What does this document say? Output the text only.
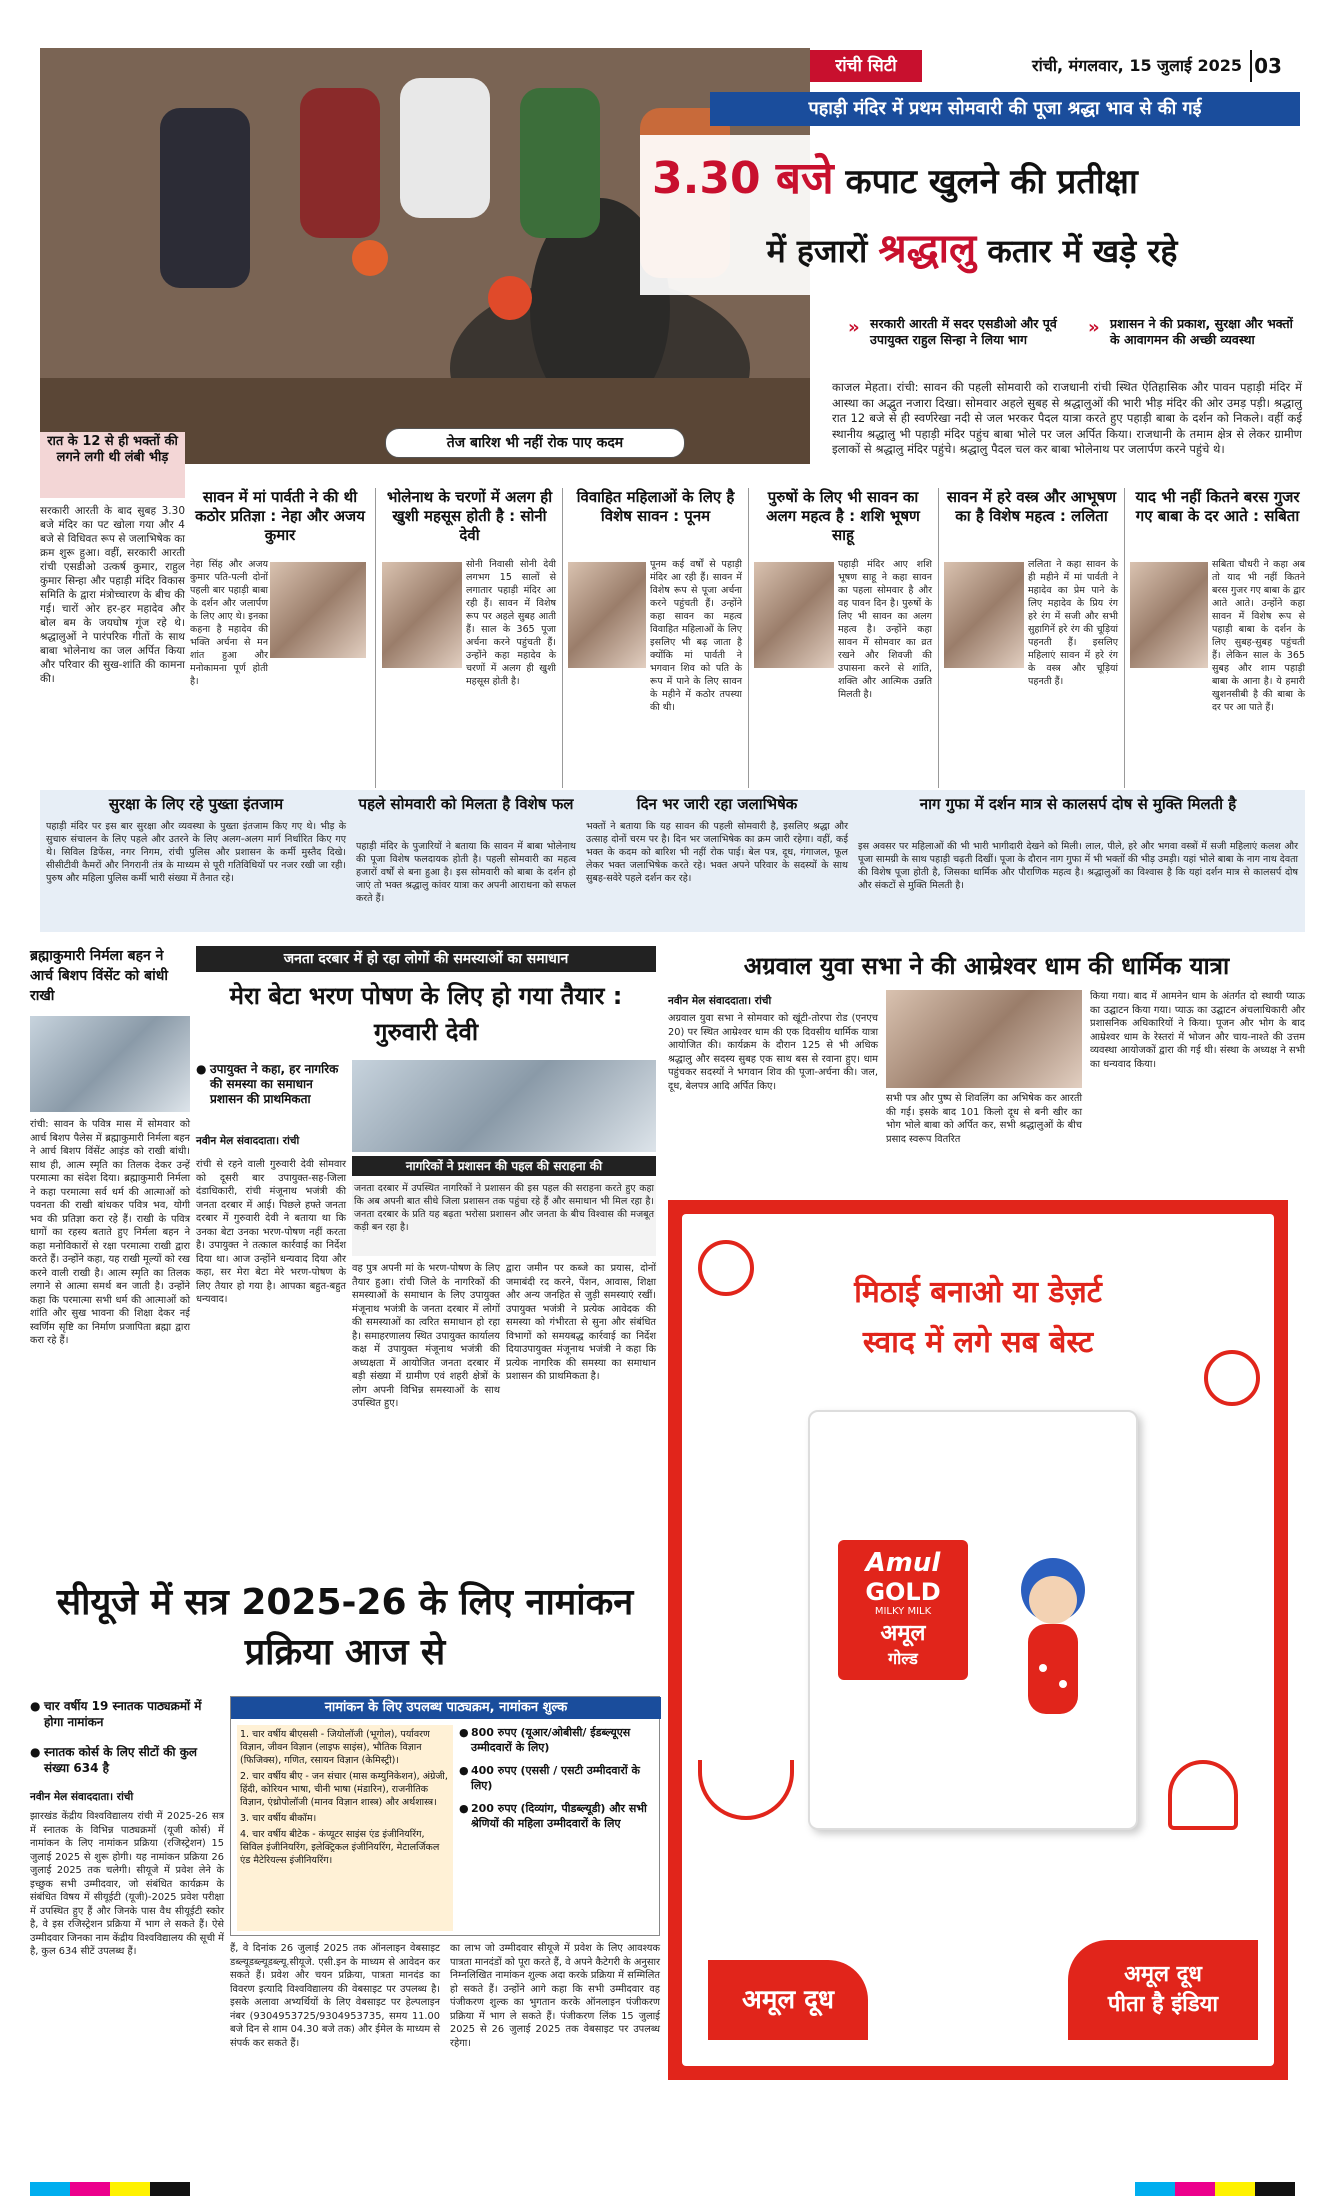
रांची सिटी	रांची, मंगलवार, 15 जुलाई 2025 03
पहाड़ी मंदिर में प्रथम सोमवारी की पूजा श्रद्धा भाव से की गई
3.30 बजे कपाट खुलने की प्रतीक्षा
में हजारों श्रद्धालु कतार में खड़े रहे
» सरकारी आरती में सदर एसडीओ और पूर्व उपायुक्त राहुल सिन्हा ने लिया भाग
» प्रशासन ने की प्रकाश, सुरक्षा और भक्तों के आवागमन की अच्छी व्यवस्था
तेज बारिश भी नहीं रोक पाए कदम
काजल मेहता। रांची: सावन की पहली सोमवारी को राजधानी रांची स्थित ऐतिहासिक और पावन पहाड़ी मंदिर में आस्था का अद्भुत नजारा दिखा। सोमवार अहले सुबह से श्रद्धालुओं की भारी भीड़ मंदिर की ओर उमड़ पड़ी। श्रद्धालु रात 12 बजे से ही स्वर्णरेखा नदी से जल भरकर पैदल यात्रा करते हुए पहाड़ी बाबा के दर्शन को निकले। वहीं कई स्थानीय श्रद्धालु भी पहाड़ी मंदिर पहुंच बाबा भोले पर जल अर्पित किया। राजधानी के तमाम क्षेत्र से लेकर ग्रामीण इलाकों से श्रद्धालु मंदिर पहुंचे। श्रद्धालु पैदल चल कर बाबा भोलेनाथ पर जलार्पण करने पहुंचे थे।
रात के 12 से ही भक्तों की लगने लगी थी लंबी भीड़
सरकारी आरती के बाद सुबह 3.30 बजे मंदिर का पट खोला गया और 4 बजे से विधिवत रूप से जलाभिषेक का क्रम शुरू हुआ। वहीं, सरकारी आरती रांची एसडीओ उत्कर्ष कुमार, राहुल कुमार सिन्हा और पहाड़ी मंदिर विकास समिति के द्वारा मंत्रोच्चारण के बीच की गई। चारों ओर हर-हर महादेव और बोल बम के जयघोष गूंज रहे थे। श्रद्धालुओं ने पारंपरिक गीतों के साथ बाबा भोलेनाथ का जल अर्पित किया और परिवार की सुख-शांति की कामना की।
सावन में मां पार्वती ने की थी कठोर प्रतिज्ञा : नेहा और अजय कुमार
नेहा सिंह और अजय कुमार पति-पत्नी दोनों पहली बार पहाड़ी बाबा के दर्शन और जलार्पण के लिए आए थे। इनका कहना है महादेव की भक्ति अर्चना से मन शांत हुआ और मनोकामना पूर्ण होती है।
भोलेनाथ के चरणों में अलग ही खुशी महसूस होती है : सोनी देवी
सोनी निवासी सोनी देवी लगभग 15 सालों से लगातार पहाड़ी मंदिर आ रही हैं। सावन में विशेष रूप पर अहले सुबह आती हैं। साल के 365 पूजा अर्चना करने पहुंचती हैं। उन्होंने कहा महादेव के चरणों में अलग ही खुशी महसूस होती है।
विवाहित महिलाओं के लिए है विशेष सावन : पूनम
पूनम कई वर्षों से पहाड़ी मंदिर आ रही हैं। सावन में विशेष रूप से पूजा अर्चना करने पहुंचती हैं। उन्होंने कहा सावन का महत्व विवाहित महिलाओं के लिए इसलिए भी बढ़ जाता है क्योंकि मां पार्वती ने भगवान शिव को पति के रूप में पाने के लिए सावन के महीने में कठोर तपस्या की थी।
पुरुषों के लिए भी सावन का अलग महत्व है : शशि भूषण साहू
पहाड़ी मंदिर आए शशि भूषण साहू ने कहा सावन का पहला सोमवार है और वह पावन दिन है। पुरुषों के लिए भी सावन का अलग महत्व है। उन्होंने कहा सावन में सोमवार का व्रत रखने और शिवजी की उपासना करने से शांति, शक्ति और आत्मिक उन्नति मिलती है।
सावन में हरे वस्त्र और आभूषण का है विशेष महत्व : ललिता
ललिता ने कहा सावन के ही महीने में मां पार्वती ने महादेव का प्रेम पाने के लिए महादेव के प्रिय रंग हरे रंग में सजी और सभी सुहागिनें हरे रंग की चूड़ियां पहनती हैं। इसलिए महिलाएं सावन में हरे रंग के वस्त्र और चूड़ियां पहनती हैं।
याद भी नहीं कितने बरस गुजर गए बाबा के दर आते : सबिता
सबिता चौधरी ने कहा अब तो याद भी नहीं कितने बरस गुजर गए बाबा के द्वार आते आते। उन्होंने कहा सावन में विशेष रूप से पहाड़ी बाबा के दर्शन के लिए सुबह-सुबह पहुंचती हैं। लेकिन साल के 365 सुबह और शाम पहाड़ी बाबा के आना है। ये हमारी खुशनसीबी है की बाबा के दर पर आ पाते हैं।
सुरक्षा के लिए रहे पुख्ता इंतजाम
पहाड़ी मंदिर पर इस बार सुरक्षा और व्यवस्था के पुख्ता इंतजाम किए गए थे। भीड़ के सुचारु संचालन के लिए पहले और उतरने के लिए अलग-अलग मार्ग निर्धारित किए गए थे। सिविल डिफेंस, नगर निगम, रांची पुलिस और प्रशासन के कर्मी मुस्तैद दिखे। सीसीटीवी कैमरों और निगरानी तंत्र के माध्यम से पूरी गतिविधियों पर नजर रखी जा रही। पुरुष और महिला पुलिस कर्मी भारी संख्या में तैनात रहे।
पहले सोमवारी को मिलता है विशेष फल
पहाड़ी मंदिर के पुजारियों ने बताया कि सावन में बाबा भोलेनाथ की पूजा विशेष फलदायक होती है। पहली सोमवारी का महत्व हजारों वर्षों से बना हुआ है। इस सोमवारी को बाबा के दर्शन हो जाएं तो भक्त श्रद्धालु कांवर यात्रा कर अपनी आराधना को सफल करते हैं।
दिन भर जारी रहा जलाभिषेक
भक्तों ने बताया कि यह सावन की पहली सोमवारी है, इसलिए श्रद्धा और उत्साह दोनों चरम पर है। दिन भर जलाभिषेक का क्रम जारी रहेगा। वहीं, कई भक्त के कदम को बारिश भी नहीं रोक पाई। बेल पत्र, दूध, गंगाजल, फूल लेकर भक्त जलाभिषेक करते रहे। भक्त अपने परिवार के सदस्यों के साथ सुबह-सवेरे पहले दर्शन कर रहे।
नाग गुफा में दर्शन मात्र से कालसर्प दोष से मुक्ति मिलती है
इस अवसर पर महिलाओं की भी भारी भागीदारी देखने को मिली। लाल, पीले, हरे और भगवा वस्त्रों में सजी महिलाएं कलश और पूजा सामग्री के साथ पहाड़ी चढ़ती दिखीं। पूजा के दौरान नाग गुफा में भी भक्तों की भीड़ उमड़ी। यहां भोले बाबा के नाग नाथ देवता की विशेष पूजा होती है, जिसका धार्मिक और पौराणिक महत्व है। श्रद्धालुओं का विश्वास है कि यहां दर्शन मात्र से कालसर्प दोष और संकटों से मुक्ति मिलती है।
ब्रह्माकुमारी निर्मला बहन ने आर्च बिशप विंसेंट को बांधी राखी
रांची: सावन के पवित्र मास में सोमवार को आर्च बिशप पैलेस में ब्रह्माकुमारी निर्मला बहन ने आर्च बिशप विंसेंट आइंड को राखी बांधी। साथ ही, आत्म स्मृति का तिलक देकर उन्हें परमात्मा का संदेश दिया। ब्रह्माकुमारी निर्मला ने कहा परमात्मा सर्व धर्म की आत्माओं को पवनता की राखी बांधकर पवित्र भव, योगी भव की प्रतिज्ञा करा रहे हैं। राखी के पवित्र धागों का रहस्य बताते हुए निर्मला बहन ने कहा मनोविकारों से रक्षा परमात्मा राखी द्वारा करते हैं। उन्होंने कहा, यह राखी मूल्यों को रख करने वाली राखी है। आत्म स्मृति का तिलक लगाने से आत्मा समर्थ बन जाती है। उन्होंने कहा कि परमात्मा सभी धर्म की आत्माओं को शांति और सुख भावना की शिक्षा देकर नई स्वर्णिम सृष्टि का निर्माण प्रजापिता ब्रह्मा द्वारा करा रहे हैं।
जनता दरबार में हो रहा लोगों की समस्याओं का समाधान
मेरा बेटा भरण पोषण के लिए हो गया तैयार : गुरुवारी देवी
● उपायुक्त ने कहा, हर नागरिक की समस्या का समाधान प्रशासन की प्राथमिकता
नवीन मेल संवाददाता। रांची
नागरिकों ने प्रशासन की पहल की सराहना की
जनता दरबार में उपस्थित नागरिकों ने प्रशासन की इस पहल की सराहना करते हुए कहा कि अब अपनी बात सीधे जिला प्रशासन तक पहुंचा रहे हैं और समाधान भी मिल रहा है। जनता दरबार के प्रति यह बढ़ता भरोसा प्रशासन और जनता के बीच विश्वास की मजबूत कड़ी बन रहा है।
रांची से रहने वाली गुरुवारी देवी सोमवार को दूसरी बार उपायुक्त-सह-जिला दंडाधिकारी, रांची मंजूनाथ भजंत्री की जनता दरबार में आई। पिछले हफ्ते जनता दरबार में गुरुवारी देवी ने बताया था कि उनका बेटा उनका भरण-पोषण नहीं करता है। उपायुक्त ने तत्काल कार्रवाई का निर्देश दिया था। आज उन्होंने धन्यवाद दिया और कहा, सर मेरा बेटा मेरे भरण-पोषण के लिए तैयार हो गया है। आपका बहुत-बहुत धन्यवाद।
वह पुत्र अपनी मां के भरण-पोषण के लिए तैयार हुआ। रांची जिले के नागरिकों की समस्याओं के समाधान के लिए उपायुक्त मंजूनाथ भजंत्री के जनता दरबार में लोगों की समस्याओं का त्वरित समाधान हो रहा है। समाहरणालय स्थित उपायुक्त कार्यालय कक्ष में उपायुक्त मंजूनाथ भजंत्री की अध्यक्षता में आयोजित जनता दरबार में बड़ी संख्या में ग्रामीण एवं शहरी क्षेत्रों के लोग अपनी विभिन्न समस्याओं के साथ उपस्थित हुए।
द्वारा जमीन पर कब्जे का प्रयास, दोनों जमाबंदी रद करने, पेंशन, आवास, शिक्षा और अन्य जनहित से जुड़ी समस्याएं रखीं। उपायुक्त भजंत्री ने प्रत्येक आवेदक की समस्या को गंभीरता से सुना और संबंधित विभागों को समयबद्ध कार्रवाई का निर्देश दियाउपायुक्त मंजूनाथ भजंत्री ने कहा कि प्रत्येक नागरिक की समस्या का समाधान प्रशासन की प्राथमिकता है।
अग्रवाल युवा सभा ने की आम्रेश्वर धाम की धार्मिक यात्रा
नवीन मेल संवाददाता। रांची
अग्रवाल युवा सभा ने सोमवार को खूंटी-तोरपा रोड (एनएच 20) पर स्थित आम्रेश्वर धाम की एक दिवसीय धार्मिक यात्रा आयोजित की। कार्यक्रम के दौरान 125 से भी अधिक श्रद्धालु और सदस्य सुबह एक साथ बस से रवाना हुए। धाम पहुंचकर सदस्यों ने भगवान शिव की पूजा-अर्चना की। जल, दूध, बेलपत्र आदि अर्पित किए।
सभी पत्र और पुष्प से शिवलिंग का अभिषेक कर आरती की गई। इसके बाद 101 किलो दूध से बनी खीर का भोग भोले बाबा को अर्पित कर, सभी श्रद्धालुओं के बीच प्रसाद स्वरूप वितरित
किया गया। बाद में आमनेन धाम के अंतर्गत दो स्थायी प्याऊ का उद्घाटन किया गया। प्याऊ का उद्घाटन अंचलाधिकारी और प्रशासनिक अधिकारियों ने किया। पूजन और भोग के बाद आम्रेश्वर धाम के रेस्तरां में भोजन और चाय-नाश्ते की उत्तम व्यवस्था आयोजकों द्वारा की गई थी। संस्था के अध्यक्ष ने सभी का धन्यवाद किया।
मिठाई बनाओ या डेज़र्ट
स्वाद में लगे सब बेस्ट
Amul
GOLD
MILKY MILK
अमूल
गोल्ड
अमूल दूध
अमूल दूध
पीता है इंडिया
सीयूजे में सत्र 2025-26 के लिए नामांकन प्रक्रिया आज से
● चार वर्षीय 19 स्नातक पाठ्यक्रमों में होगा नामांकन
● स्नातक कोर्स के लिए सीटों की कुल संख्या 634 है
नवीन मेल संवाददाता। रांची
नामांकन के लिए उपलब्ध पाठ्यक्रम, नामांकन शुल्क
1. चार वर्षीय बीएससी - जियोलॉजी (भूगोल), पर्यावरण विज्ञान, जीवन विज्ञान (लाइफ साइंस), भौतिक विज्ञान (फिजिक्स), गणित, रसायन विज्ञान (केमिस्ट्री)।
2. चार वर्षीय बीए - जन संचार (मास कम्युनिकेशन), अंग्रेजी, हिंदी, कोरियन भाषा, चीनी भाषा (मंडारिन), राजनीतिक विज्ञान, एंथ्रोपोलॉजी (मानव विज्ञान शास्त्र) और अर्थशास्त्र।
3. चार वर्षीय बीकॉम।
4. चार वर्षीय बीटेक - कंप्यूटर साइंस एंड इंजीनियरिंग, सिविल इंजीनियरिंग, इलेक्ट्रिकल इंजीनियरिंग, मेटालर्जिकल एंड मैटेरियल्स इंजीनियरिंग।
● 800 रुपए (यूआर/ओबीसी/ ईडब्ल्यूएस उम्मीदवारों के लिए)
● 400 रुपए (एससी / एसटी उम्मीदवारों के लिए)
● 200 रुपए (दिव्यांग, पीडब्ल्यूडी) और सभी श्रेणियों की महिला उम्मीदवारों के लिए
झारखंड केंद्रीय विश्वविद्यालय रांची में 2025-26 सत्र में स्नातक के विभिन्न पाठ्यक्रमों (यूजी कोर्स) में नामांकन के लिए नामांकन प्रक्रिया (रजिस्ट्रेशन) 15 जुलाई 2025 से शुरू होगी। यह नामांकन प्रक्रिया 26 जुलाई 2025 तक चलेगी। सीयूजे में प्रवेश लेने के इच्छुक सभी उम्मीदवार, जो संबंधित कार्यक्रम के संबंधित विषय में सीयूईटी (यूजी)-2025 प्रवेश परीक्षा में उपस्थित हुए हैं और जिनके पास वैध सीयूईटी स्कोर है, वे इस रजिस्ट्रेशन प्रक्रिया में भाग ले सकते हैं। ऐसे उम्मीदवार जिनका नाम केंद्रीय विश्वविद्यालय की सूची में है, कुल 634 सीटें उपलब्ध हैं।	हैं, वे दिनांक 26 जुलाई 2025 तक ऑनलाइन वेबसाइट डब्ल्यूडब्ल्यूडब्ल्यू.सीयूजे. एसी.इन के माध्यम से आवेदन कर सकते हैं। प्रवेश और चयन प्रक्रिया, पात्रता मानदंड का विवरण इत्यादि विश्वविद्यालय की वेबसाइट पर उपलब्ध है। इसके अलावा अभ्यर्थियों के लिए वेबसाइट पर हेल्पलाइन नंबर (9304953725/9304953735, समय 11.00 बजे दिन से शाम 04.30 बजे तक) और ईमेल के माध्यम से संपर्क कर सकते हैं।
का लाभ जो उम्मीदवार सीयूजे में प्रवेश के लिए आवश्यक पात्रता मानदंडों को पूरा करते हैं, वे अपने कैटेगरी के अनुसार निम्नलिखित नामांकन शुल्क अदा करके प्रक्रिया में सम्मिलित हो सकते हैं। उन्होंने आगे कहा कि सभी उम्मीदवार वह पंजीकरण शुल्क का भुगतान करके ऑनलाइन पंजीकरण प्रक्रिया में भाग ले सकते हैं। पंजीकरण लिंक 15 जुलाई 2025 से 26 जुलाई 2025 तक वेबसाइट पर उपलब्ध रहेगा।
